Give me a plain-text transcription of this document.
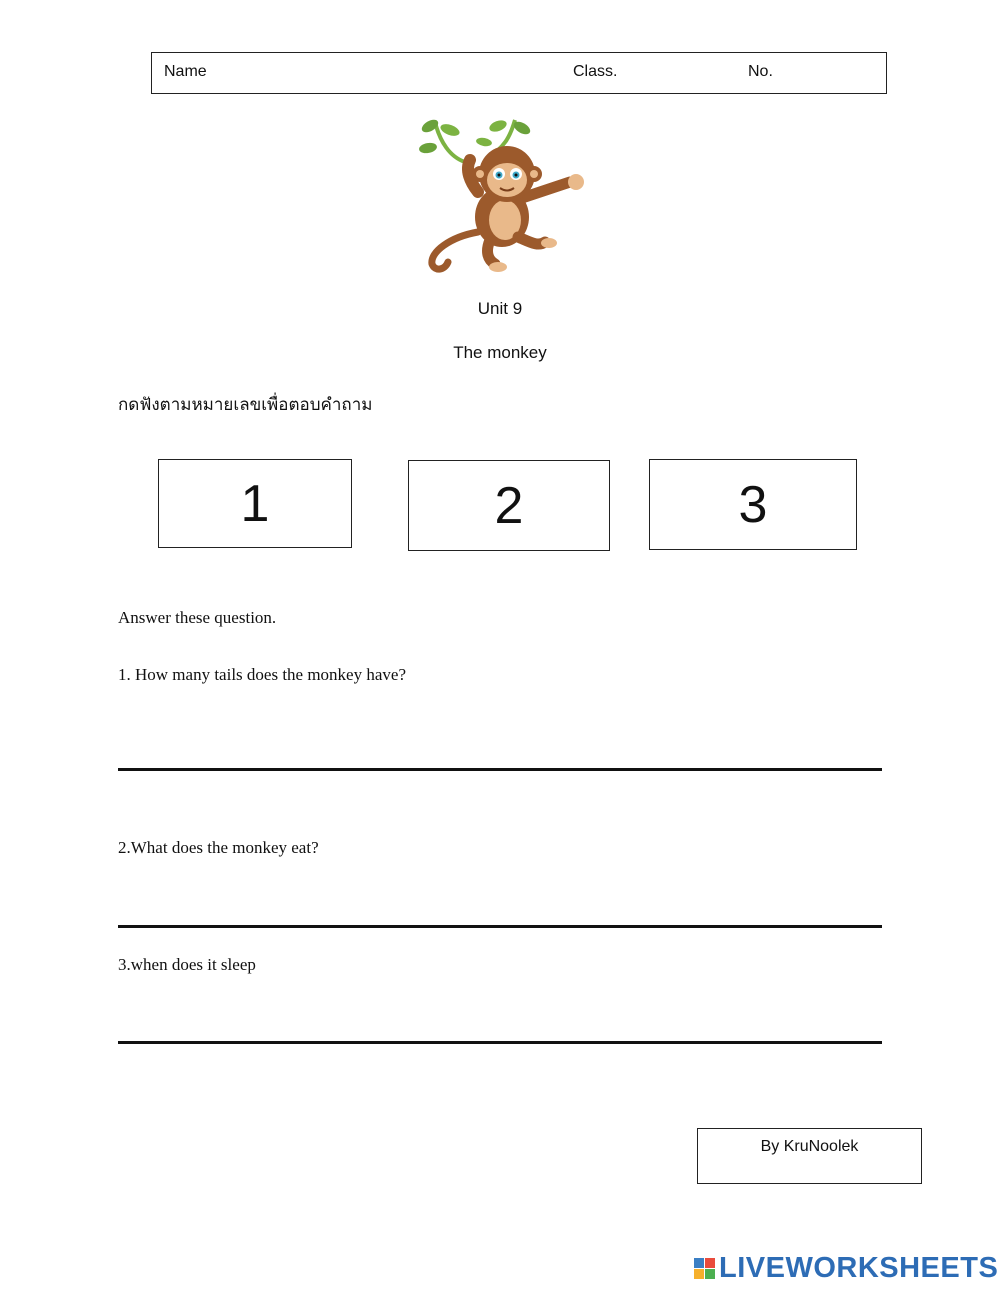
Name	Class.	No.
Unit 9
The monkey
กดฟังตามหมายเลขเพื่อตอบคำถาม
1	2	3
Answer these question.
1. How many tails does the monkey have?
2.What does the monkey eat?
3.when does it sleep
By KruNoolek
LIVEWORKSHEETS
